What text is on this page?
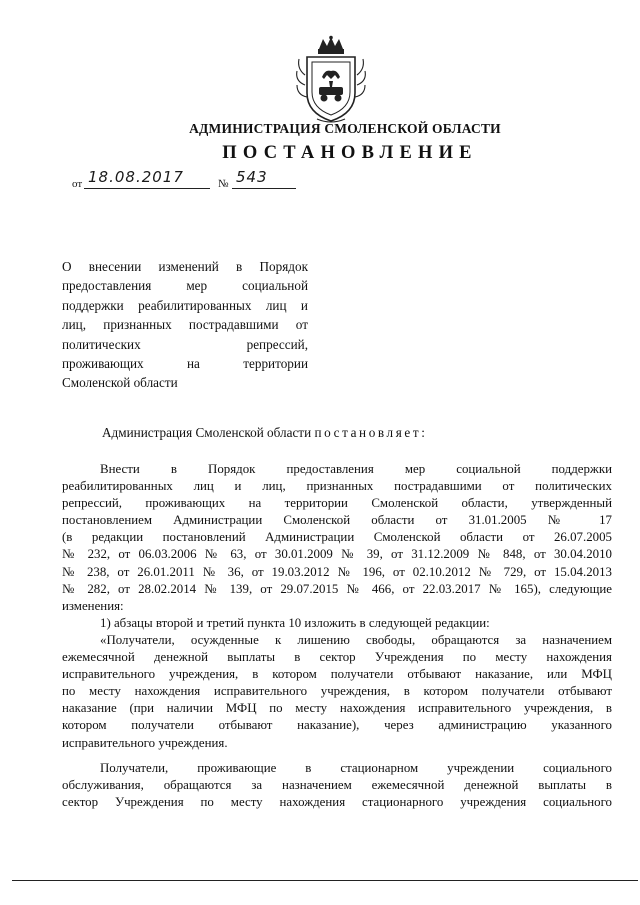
АДМИНИСТРАЦИЯ СМОЛЕНСКОЙ ОБЛАСТИ
ПОСТАНОВЛЕНИЕ
от 18.08.2017	№ 543
О внесении изменений в Порядок
предоставления мер социальной
поддержки реабилитированных лиц и
лиц, признанных пострадавшими от
политических репрессий,
проживающих на территории
Смоленской области
Администрация Смоленской области постановляет:
Внести в Порядок предоставления мер социальной поддержки
реабилитированных лиц и лиц, признанных пострадавшими от политических
репрессий, проживающих на территории Смоленской области, утвержденный
постановлением Администрации Смоленской области от 31.01.2005 № 17
(в редакции постановлений Администрации Смоленской области от 26.07.2005
№ 232, от 06.03.2006 № 63, от 30.01.2009 № 39, от 31.12.2009 № 848, от 30.04.2010
№ 238, от 26.01.2011 № 36, от 19.03.2012 № 196, от 02.10.2012 № 729, от 15.04.2013
№ 282, от 28.02.2014 № 139, от 29.07.2015 № 466, от 22.03.2017 № 165), следующие
изменения:
1) абзацы второй и третий пункта 10 изложить в следующей редакции:
«Получатели, осужденные к лишению свободы, обращаются за назначением
ежемесячной денежной выплаты в сектор Учреждения по месту нахождения
исправительного учреждения, в котором получатели отбывают наказание, или МФЦ
по месту нахождения исправительного учреждения, в котором получатели отбывают
наказание (при наличии МФЦ по месту нахождения исправительного учреждения, в
котором получатели отбывают наказание), через администрацию указанного
исправительного учреждения.
Получатели, проживающие в стационарном учреждении социального
обслуживания, обращаются за назначением ежемесячной денежной выплаты в
сектор Учреждения по месту нахождения стационарного учреждения социального
